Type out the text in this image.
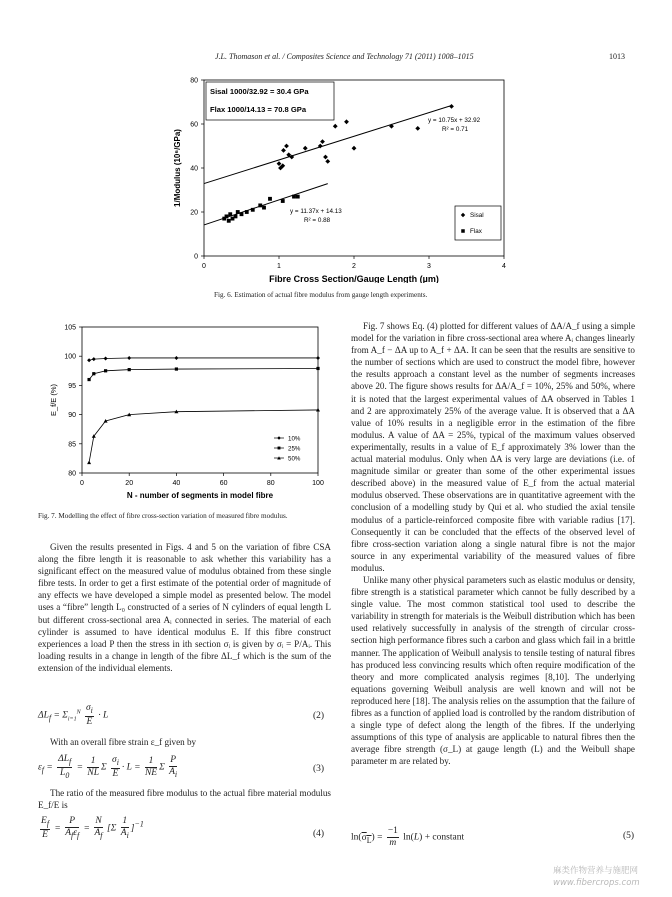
J.L. Thomason et al. / Composites Science and Technology 71 (2011) 1008–1015	1013
0	1	2	3	4
0
20
40
60
80
Fibre Cross Section/Gauge Length (µm)
1/Modulus (10⁶/GPa)
Sisal 1000/32.92 = 30.4 GPa
Flax 1000/14.13 = 70.8 GPa
y = 10.75x + 32.92
R² = 0.71
y = 11.37x + 14.13
R² = 0.88
Sisal
Flax
Fig. 6. Estimation of actual fibre modulus from gauge length experiments.
0	20	40	60	80	100
80
85
90
95
100
105
N - number of segments in model fibre
E_f/E (%)
10%
25%
50%
Fig. 7. Modelling the effect of fibre cross-section variation of measured fibre modulus.

Given the results presented in Figs. 4 and 5 on the variation of fibre CSA along the fibre length it is reasonable to ask whether this variability has a significant effect on the measured value of modulus obtained from these single fibre tests. In order to get a first estimate of the potential order of magnitude of any effects we have developed a simple model as presented below. The model uses a “fibre” length L₀ constructed of a series of N cylinders of equal length L but different cross-sectional area Aᵢ connected in series. The material of each cylinder is assumed to have identical modulus E. If this fibre construct experiences a load P then the stress in ith section σᵢ is given by σᵢ = P/Aᵢ. This loading results in a change in length of the fibre ΔL_f which is the sum of the extension of the individual elements.

$\Delta L_f = \Sigma_{i=1}^N \frac{\sigma_i}{E} \cdot L$	(2)

With an overall fibre strain ε_f given by

$\varepsilon_f = \frac{\Delta L_f}{L_0} = \frac{1}{NL}$ Σ $\frac{\sigma_i}{E} \cdot L = \frac{1}{NE}$ Σ $\frac{P}{A_i}$	(3)

The ratio of the measured fibre modulus to the actual fibre material modulus E_f/E is

$\frac{E_f}{E} = \frac{P}{A_f\varepsilon_f} = \frac{N}{A_f} [\Sigma \frac{1}{A_i} ]^{-1}$
(4)

Fig. 7 shows Eq. (4) plotted for different values of ΔA/A_f using a simple model for the variation in fibre cross-sectional area where Aᵢ changes linearly from A_f − ΔA up to A_f + ΔA. It can be seen that the results are sensitive to the number of sections which are used to construct the model fibre, however the results approach a constant level as the number of segments increases above 20. The figure shows results for ΔA/A_f = 10%, 25% and 50%, where it is noted that the largest experimental values of ΔA observed in Tables 1 and 2 are approximately 25% of the average value. It is observed that a ΔA value of 10% results in a negligible error in the estimation of the fibre modulus. A value of ΔA = 25%, typical of the maximum values observed experimentally, results in a value of E_f approximately 3% lower than the actual material modulus. Only when ΔA is very large are deviations (i.e. of magnitude similar or greater than some of the other experimental issues described above) in the measured value of E_f from the actual material modulus observed. These observations are in quantitative agreement with the conclusion of a modelling study by Qui et al. who studied the axial tensile modulus of a particle-reinforced composite fibre with variable radius [17]. Consequently it can be concluded that the effects of the observed level of fibre cross-section variation along a single natural fibre is not the major source in any experimental variability of the measured values of fibre modulus.

Unlike many other physical parameters such as elastic modulus or density, fibre strength is a statistical parameter which cannot be fully described by a single value. The most common statistical tool used to describe the variability in strength for materials is the Weibull distribution which has been used relatively successfully in analysis of the strength of circular cross-section high performance fibres such a carbon and glass which fail in a brittle manner. The application of Weibull analysis to tensile testing of natural fibres has produced less convincing results which often require modification of the theory and more complicated analysis regimes [8,10]. The underlying equations governing Weibull analysis are well known and will not be reproduced here [18]. The analysis relies on the assumption that the failure of fibres as a function of applied load is controlled by the random distribution of a single type of defect along the length of the fibres. If the underlying assumptions of this type of analysis are applicable to natural fibres then the average fibre strength (σ_L) at gauge length (L) and the Weibull shape parameter m are related by.

$\ln(\sigma_L) = \frac{-1}{m} \ln(L)$ + constant	(5)
麻类作物营养与施肥网
www.fibercrops.com
